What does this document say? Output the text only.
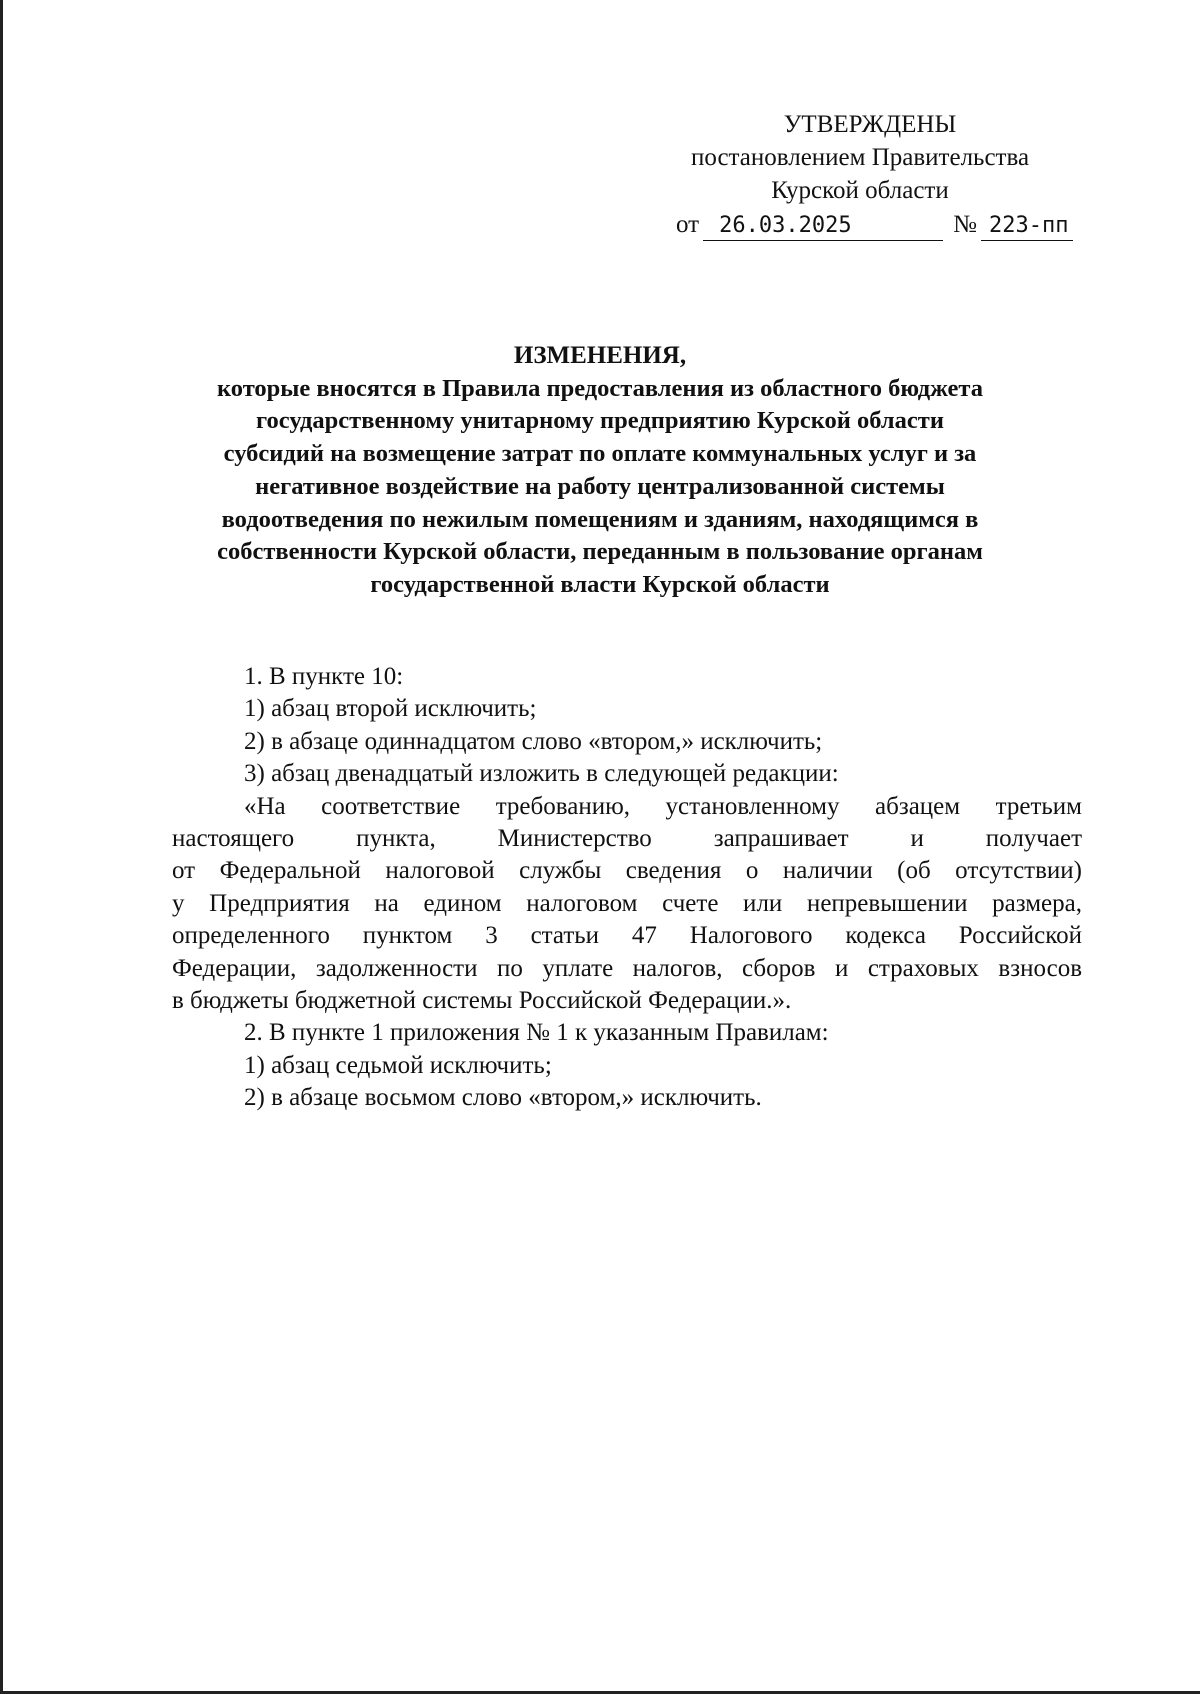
УТВЕРЖДЕНЫ
постановлением Правительства
Курской области
от 26.03.2025	№ 223-пп
ИЗМЕНЕНИЯ,
которые вносятся в Правила предоставления из областного бюджета
государственному унитарному предприятию Курской области
субсидий на возмещение затрат по оплате коммунальных услуг и за
негативное воздействие на работу централизованной системы
водоотведения по нежилым помещениям и зданиям, находящимся в
собственности Курской области, переданным в пользование органам
государственной власти Курской области
1. В пункте 10:
1) абзац второй исключить;
2) в абзаце одиннадцатом слово «втором,» исключить;
3) абзац двенадцатый изложить в следующей редакции:
«На соответствие требованию, установленному абзацем третьим
настоящего пункта, Министерство запрашивает и получает
от Федеральной налоговой службы сведения о наличии (об отсутствии)
у Предприятия на едином налоговом счете или непревышении размера,
определенного пунктом 3 статьи 47 Налогового кодекса Российской
Федерации, задолженности по уплате налогов, сборов и страховых взносов
в бюджеты бюджетной системы Российской Федерации.».
2. В пункте 1 приложения № 1 к указанным Правилам:
1) абзац седьмой исключить;
2) в абзаце восьмом слово «втором,» исключить.
